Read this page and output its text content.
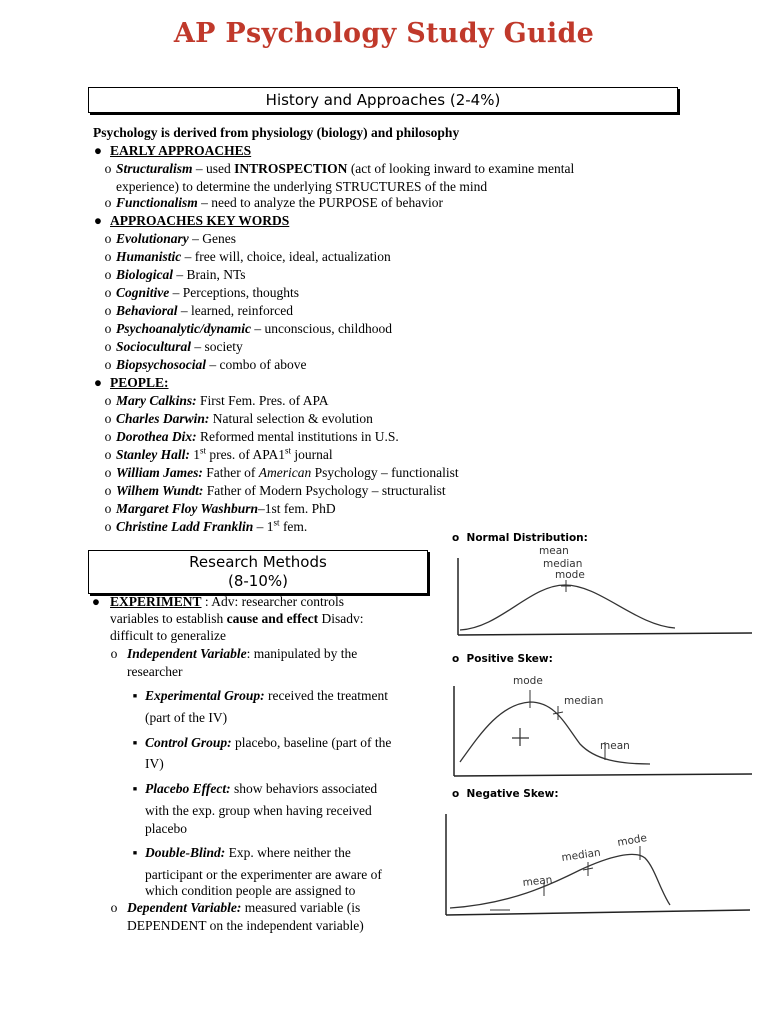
AP Psychology Study Guide
History and Approaches (2-4%)
Psychology is derived from physiology (biology) and philosophy
● EARLY APPROACHES
o Structuralism – used INTROSPECTION (act of looking inward to examine mental
experience) to determine the underlying STRUCTURES of the mind
o Functionalism – need to analyze the PURPOSE of behavior
● APPROACHES KEY WORDS
o Evolutionary – Genes
o Humanistic – free will, choice, ideal, actualization
o Biological – Brain, NTs
o Cognitive – Perceptions, thoughts
o Behavioral – learned, reinforced
o Psychoanalytic/dynamic – unconscious, childhood
o Sociocultural – society
o Biopsychosocial – combo of above
● PEOPLE:
o Mary Calkins: First Fem. Pres. of APA
o Charles Darwin: Natural selection & evolution
o Dorothea Dix: Reformed mental institutions in U.S.
o Stanley Hall: 1st pres. of APA1st journal
o William James: Father of American Psychology – functionalist
o Wilhem Wundt: Father of Modern Psychology – structuralist
o Margaret Floy Washburn–1st fem. PhD
o Christine Ladd Franklin – 1st fem.
Research Methods
(8-10%)
● EXPERIMENT : Adv: researcher controls
variables to establish cause and effect Disadv:
difficult to generalize
o Independent Variable: manipulated by the
researcher
▪ Experimental Group: received the treatment
(part of the IV)
▪ Control Group: placebo, baseline (part of the
IV)
▪ Placebo Effect: show behaviors associated
with the exp. group when having received
placebo
▪ Double-Blind: Exp. where neither the
participant or the experimenter are aware of
which condition people are assigned to
o Dependent Variable: measured variable (is
DEPENDENT on the independent variable)
o Normal Distribution:
mean
median
mode
o Positive Skew:
mode
median
mean
o Negative Skew:
mean
median
mode
